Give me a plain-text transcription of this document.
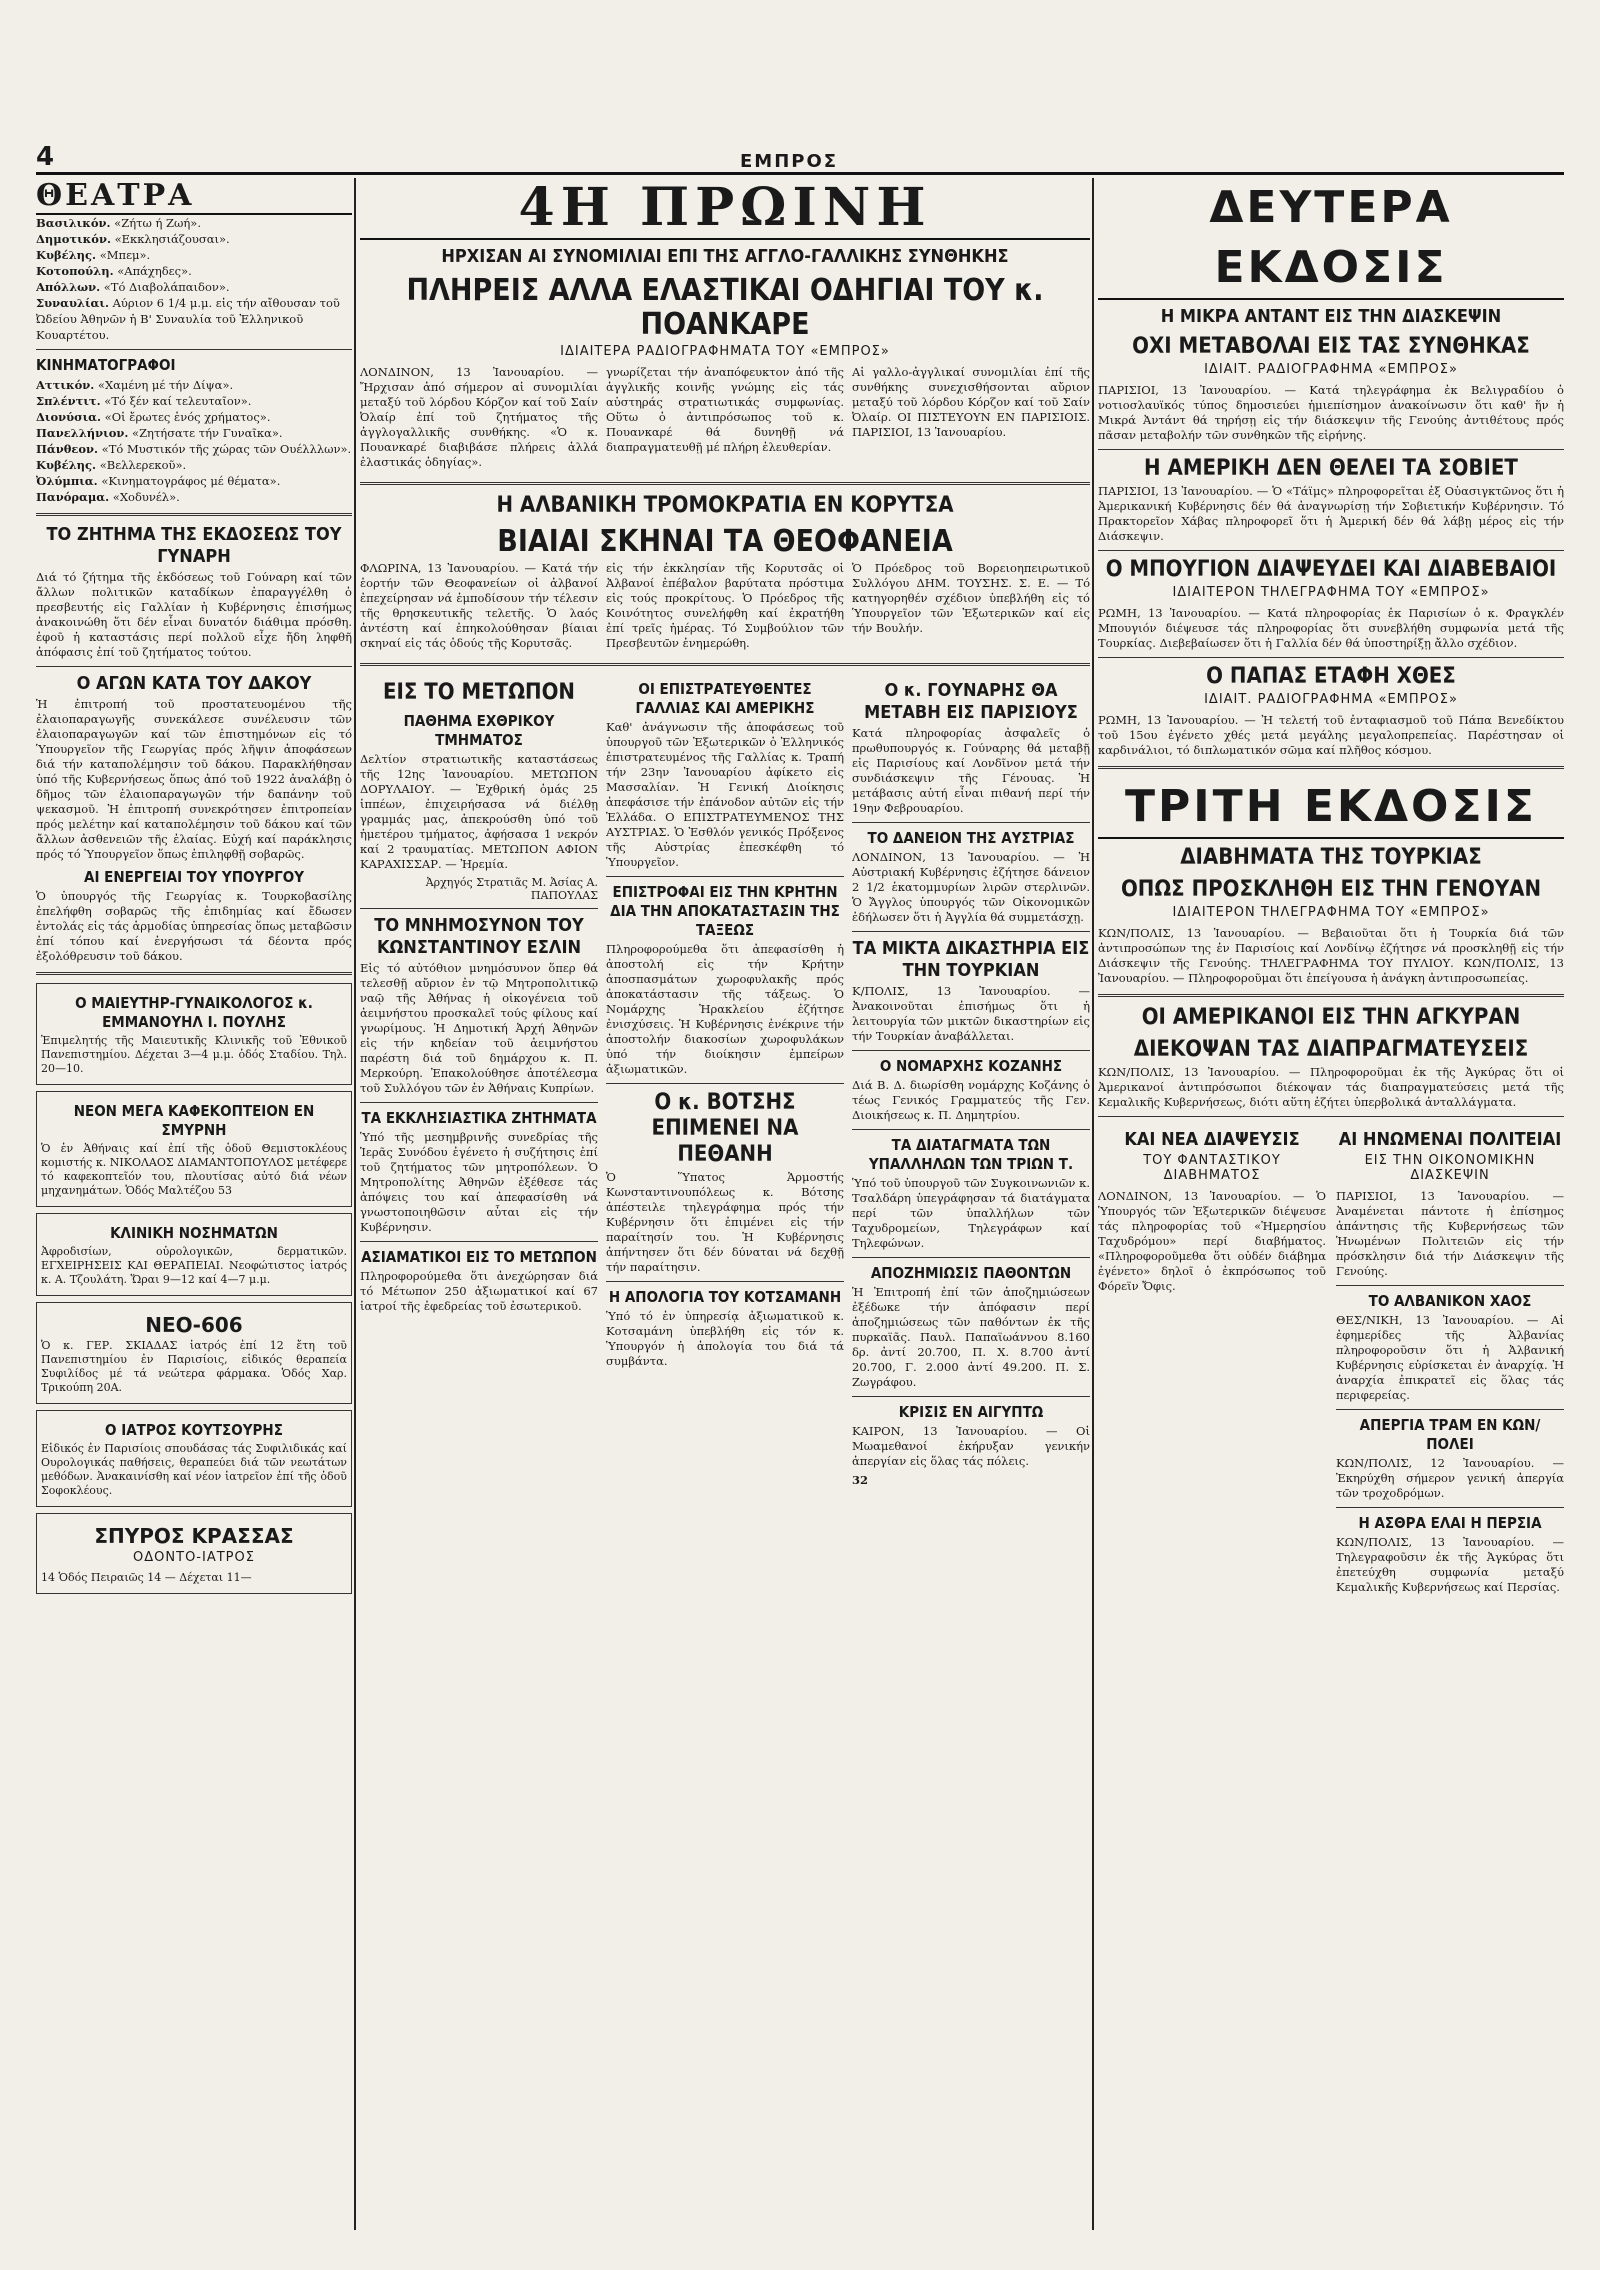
4	ΕΜΠΡΟΣ
ΘΕΑΤΡΑ
Βασιλικόν. «Ζήτω ή Ζωή».
Δημοτικόν. «Εκκλησιάζουσαι».
Κυβέλης. «Μπεμ».
Κοτοπούλη. «Απάχηδες».
Απόλλων. «Τό Διαβολάπαιδον».
Συναυλίαι. Αύριον 6 1/4 μ.μ. εἰς τήν αἴθουσαν τοῦ Ὠδείου Ἀθηνῶν ἡ Β' Συναυλία τοῦ Ἑλληνικοῦ Κουαρτέτου.
ΚΙΝΗΜΑΤΟΓΡΑΦΟΙ
Αττικόν. «Χαμένη μέ τήν Δίψα».
Σπλέντιτ. «Τό ξέν καί τελευταῖον».
Διονύσια. «Οἱ ἔρωτες ἑνός χρήματος».
Πανελλήνιον. «Ζητήσατε τήν Γυναῖκα».
Πάνθεον. «Τό Μυστικόν τῆς χώρας τῶν Ουέλλλων».
Κυβέλης. «Βελλερεκοῦ».
Ὀλύμπια. «Κινηματογράφος μέ θέματα».
Πανόραμα. «Χοδυνέλ».
ΤΟ ΖΗΤΗΜΑ ΤΗΣ ΕΚΔΟΣΕΩΣ ΤΟΥ ΓΥΝΑΡΗ

Διά τό ζήτημα τῆς ἐκδόσεως τοῦ Γούναρη καί τῶν ἄλλων πολιτικῶν καταδίκων ἐπαραγγέλθη ὁ πρεσβευτής εἰς Γαλλίαν ἡ Κυβέρνησις ἐπισήμως ἀνακοινώθη ὅτι δέν εἶναι δυνατόν διάθιμα πρόσθη. ἐφοῦ ἡ καταστάσις περί πολλοῦ εἶχε ἤδη ληφθῆ ἀπόφασις ἐπί τοῦ ζητήματος τούτου.

Ο ΑΓΩΝ ΚΑΤΑ ΤΟΥ ΔΑΚΟΥ

Ἡ ἐπιτροπή τοῦ προστατευομένου τῆς ἐλαιοπαραγωγῆς συνεκάλεσε συνέλευσιν τῶν ἐλαιοπαραγωγῶν καί τῶν ἐπιστημόνων εἰς τό Ὑπουργεῖον τῆς Γεωργίας πρός λῆψιν ἀποφάσεων διά τήν καταπολέμησιν τοῦ δάκου. Παρακλήθησαν ὑπό τῆς Κυβερνήσεως ὅπως ἀπό τοῦ 1922 ἀναλάβῃ ὁ δῆμος τῶν ἐλαιοπαραγωγῶν τήν δαπάνην τοῦ ψεκασμοῦ. Ἡ ἐπιτροπή συνεκρότησεν ἐπιτροπείαν πρός μελέτην καί καταπολέμησιν τοῦ δάκου καί τῶν ἄλλων ἀσθενειῶν τῆς ἐλαίας. Εὐχή καί παράκλησις πρός τό Ὑπουργεῖον ὅπως ἐπιληφθῇ σοβαρῶς.

ΑΙ ΕΝΕΡΓΕΙΑΙ ΤΟΥ ΥΠΟΥΡΓΟΥ

Ὁ ὑπουργός τῆς Γεωργίας κ. Τουρκοβασίλης ἐπελήφθη σοβαρῶς τῆς ἐπιδημίας καί ἔδωσεν ἐντολάς εἰς τάς ἁρμοδίας ὑπηρεσίας ὅπως μεταβῶσιν ἐπί τόπου καί ἐνεργήσωσι τά δέοντα πρός ἐξολόθρευσιν τοῦ δάκου.

Ο ΜΑΙΕΥΤΗΡ-ΓΥΝΑΙΚΟΛΟΓΟΣ κ. ΕΜΜΑΝΟΥΗΛ Ι. ΠΟΥΛΗΣ

Ἐπιμελητής τῆς Μαιευτικῆς Κλινικῆς τοῦ Ἐθνικοῦ Πανεπιστημίου. Δέχεται 3—4 μ.μ. ὁδός Σταδίου. Τηλ. 20—10.

ΝΕΟΝ ΜΕΓΑ ΚΑΦΕΚΟΠΤΕΙΟΝ ΕΝ ΣΜΥΡΝΗ

Ὁ ἐν Ἀθήναις καί ἐπί τῆς ὁδοῦ Θεμιστοκλέους κομιστής κ. ΝΙΚΟΛΑΟΣ ΔΙΑΜΑΝΤΟΠΟΥΛΟΣ μετέφερε τό καφεκοπτεῖόν του, πλουτίσας αὐτό διά νέων μηχανημάτων. Ὁδός Μαλτέζου 53

ΚΛΙΝΙΚΗ ΝΟΣΗΜΑΤΩΝ

Ἀφροδισίων, οὐρολογικῶν, δερματικῶν. ΕΓΧΕΙΡΗΣΕΙΣ ΚΑΙ ΘΕΡΑΠΕΙΑΙ. Νεοφώτιστος ἰατρός κ. Α. Τζουλάτη. Ὥραι 9—12 καί 4—7 μ.μ.

ΝΕΟ-606

Ὁ κ. ΓΕΡ. ΣΚΙΑΔΑΣ ἰατρός ἐπί 12 ἔτη τοῦ Πανεπιστημίου ἐν Παρισίοις, εἰδικός θεραπεία Συφιλίδος μέ τά νεώτερα φάρμακα. Ὁδός Χαρ. Τρικούπη 20Α.

Ο ΙΑΤΡΟΣ ΚΟΥΤΣΟΥΡΗΣ

Εἰδικός ἐν Παρισίοις σπουδάσας τάς Συφιλιδικάς καί Ουρολογικάς παθήσεις, θεραπεύει διά τῶν νεωτάτων μεθόδων. Ἀνακαινίσθη καί νέον ἰατρεῖον ἐπί τῆς ὁδοῦ Σοφοκλέους.

ΣΠΥΡΟΣ ΚΡΑΣΣΑΣ
ΟΔΟΝΤΟ-ΙΑΤΡΟΣ

14 Ὁδός Πειραιῶς 14 — Δέχεται 11—

4Η ΠΡΩΙΝΗ
ΗΡΧΙΣΑΝ ΑΙ ΣΥΝΟΜΙΛΙΑΙ ΕΠΙ ΤΗΣ ΑΓΓΛΟ-ΓΑΛΛΙΚΗΣ ΣΥΝΘΗΚΗΣ
ΠΛΗΡΕΙΣ ΑΛΛΑ ΕΛΑΣΤΙΚΑΙ ΟΔΗΓΙΑΙ ΤΟΥ κ. ΠΟΑΝΚΑΡΕ
ΙΔΙΑΙΤΕΡΑ ΡΑΔΙΟΓΡΑΦΗΜΑΤΑ ΤΟΥ «ΕΜΠΡΟΣ»

ΛΟΝΔΙΝΟΝ, 13 Ἰανουαρίου. — Ἤρχισαν ἀπό σήμερον αἱ συνομιλίαι μεταξύ τοῦ λόρδου Κόρζον καί τοῦ Σαίν Ὀλαίρ ἐπί τοῦ ζητήματος τῆς ἀγγλογαλλικῆς συνθήκης. «Ὁ κ. Πουανκαρέ διαβιβάσε πλήρεις ἀλλά ἐλαστικάς ὁδηγίας».

γνωρίζεται τήν ἀναπόφευκτον ἀπό τῆς ἀγγλικῆς κοινῆς γνώμης εἰς τάς αὐστηράς στρατιωτικάς συμφωνίας. Οὕτω ὁ ἀντιπρόσωπος τοῦ κ. Πουανκαρέ θά δυνηθῇ νά διαπραγματευθῇ μέ πλήρη ἐλευθερίαν.

Αἱ γαλλο-ἀγγλικαί συνομιλίαι ἐπί τῆς συνθήκης συνεχισθήσονται αὔριον μεταξύ τοῦ λόρδου Κόρζον καί τοῦ Σαίν Ὀλαίρ. ΟΙ ΠΙΣΤΕΥΟΥΝ ΕΝ ΠΑΡΙΣΙΟΙΣ. ΠΑΡΙΣΙΟΙ, 13 Ἰανουαρίου.

Η ΑΛΒΑΝΙΚΗ ΤΡΟΜΟΚΡΑΤΙΑ ΕΝ ΚΟΡΥΤΣΑ
ΒΙΑΙΑΙ ΣΚΗΝΑΙ ΤΑ ΘΕΟΦΑΝΕΙΑ

ΦΛΩΡΙΝΑ, 13 Ἰανουαρίου. — Κατά τήν ἑορτήν τῶν Θεοφανείων οἱ ἀλβανοί ἐπεχείρησαν νά ἐμποδίσουν τήν τέλεσιν τῆς θρησκευτικῆς τελετῆς. Ὁ λαός ἀντέστη καί ἐπηκολούθησαν βίαιαι σκηναί εἰς τάς ὁδούς τῆς Κορυτσᾶς.

εἰς τήν ἐκκλησίαν τῆς Κορυτσᾶς οἱ Ἀλβανοί ἐπέβαλον βαρύτατα πρόστιμα εἰς τούς προκρίτους. Ὁ Πρόεδρος τῆς Κοινότητος συνελήφθη καί ἐκρατήθη ἐπί τρεῖς ἡμέρας. Τό Συμβούλιον τῶν Πρεσβευτῶν ἐνημερώθη.

Ὁ Πρόεδρος τοῦ Βορειοηπειρωτικοῦ Συλλόγου ΔΗΜ. ΤΟΥΣΗΣ. Σ. Ε. — Τό κατηγορηθέν σχέδιον ὑπεβλήθη εἰς τό Ὑπουργεῖον τῶν Ἐξωτερικῶν καί εἰς τήν Βουλήν.

ΕΙΣ ΤΟ ΜΕΤΩΠΟΝ
ΠΑΘΗΜΑ ΕΧΘΡΙΚΟΥ ΤΜΗΜΑΤΟΣ

Δελτίον στρατιωτικῆς καταστάσεως τῆς 12ης Ἰανουαρίου. ΜΕΤΩΠΟΝ ΔΟΡΥΛΑΙΟΥ. — Ἐχθρική ὁμάς 25 ἱππέων, ἐπιχειρήσασα νά διέλθῃ γραμμάς μας, ἀπεκρούσθη ὑπό τοῦ ἡμετέρου τμήματος, ἀφήσασα 1 νεκρόν καί 2 τραυματίας. ΜΕΤΩΠΟΝ ΑΦΙΟΝ ΚΑΡΑΧΙΣΣΑΡ. — Ἠρεμία.

Ἀρχηγός Στρατιᾶς Μ. Ἀσίας Α. ΠΑΠΟΥΛΑΣ
ΤΟ ΜΝΗΜΟΣΥΝΟΝ ΤΟΥ ΚΩΝΣΤΑΝΤΙΝΟΥ ΕΣΛΙΝ

Εἰς τό αὐτόθιον μνημόσυνον ὅπερ θά τελεσθῇ αὔριον ἐν τῷ Μητροπολιτικῷ ναῷ τῆς Ἀθήνας ἡ οἰκογένεια τοῦ ἀειμνήστου προσκαλεῖ τούς φίλους καί γνωρίμους. Ἡ Δημοτική Ἀρχή Ἀθηνῶν εἰς τήν κηδείαν τοῦ ἀειμνήστου παρέστη διά τοῦ δημάρχου κ. Π. Μερκούρη. Ἐπακολούθησε ἀποτέλεσμα τοῦ Συλλόγου τῶν ἐν Ἀθήναις Κυπρίων.

ΤΑ ΕΚΚΛΗΣΙΑΣΤΙΚΑ ΖΗΤΗΜΑΤΑ

Ὑπό τῆς μεσημβρινῆς συνεδρίας τῆς Ἱερᾶς Συνόδου ἐγένετο ἡ συζήτησις ἐπί τοῦ ζητήματος τῶν μητροπόλεων. Ὁ Μητροπολίτης Ἀθηνῶν ἐξέθεσε τάς ἀπόψεις του καί ἀπεφασίσθη νά γνωστοποιηθῶσιν αὗται εἰς τήν Κυβέρνησιν.

ΑΣΙΑΜΑΤΙΚΟΙ ΕΙΣ ΤΟ ΜΕΤΩΠΟΝ

Πληροφορούμεθα ὅτι ἀνεχώρησαν διά τό Μέτωπον 250 ἀξιωματικοί καί 67 ἰατροί τῆς ἐφεδρείας τοῦ ἐσωτερικοῦ.

ΟΙ ΕΠΙΣΤΡΑΤΕΥΘΕΝΤΕΣ ΓΑΛΛΙΑΣ ΚΑΙ ΑΜΕΡΙΚΗΣ

Καθ' ἀνάγνωσιν τῆς ἀποφάσεως τοῦ ὑπουργοῦ τῶν Ἐξωτερικῶν ὁ Ἑλληνικός ἐπιστρατευμένος τῆς Γαλλίας κ. Τραπή τήν 23ην Ἰανουαρίου ἀφίκετο εἰς Μασσαλίαν. Ἡ Γενική Διοίκησις ἀπεφάσισε τήν ἐπάνοδον αὐτῶν εἰς τήν Ἑλλάδα. Ο ΕΠΙΣΤΡΑΤΕΥΜΕΝΟΣ ΤΗΣ ΑΥΣΤΡΙΑΣ. Ὁ Ἐσθλόν γενικός Πρόξενος τῆς Αὐστρίας ἐπεσκέφθη τό Ὑπουργεῖον.

ΕΠΙΣΤΡΟΦΑΙ ΕΙΣ ΤΗΝ ΚΡΗΤΗΝ ΔΙΑ ΤΗΝ ΑΠΟΚΑΤΑΣΤΑΣΙΝ ΤΗΣ ΤΑΞΕΩΣ

Πληροφορούμεθα ὅτι ἀπεφασίσθη ἡ ἀποστολή εἰς τήν Κρήτην ἀποσπασμάτων χωροφυλακῆς πρός ἀποκατάστασιν τῆς τάξεως. Ὁ Νομάρχης Ἡρακλείου ἐζήτησε ἐνισχύσεις. Ἡ Κυβέρνησις ἐνέκρινε τήν ἀποστολήν διακοσίων χωροφυλάκων ὑπό τήν διοίκησιν ἐμπείρων ἀξιωματικῶν.

Ο κ. ΒΟΤΣΗΣ ΕΠΙΜΕΝΕΙ ΝΑ ΠΕΘΑΝΗ

Ὁ Ὕπατος Ἁρμοστής Κωνσταντινουπόλεως κ. Βότσης ἀπέστειλε τηλεγράφημα πρός τήν Κυβέρνησιν ὅτι ἐπιμένει εἰς τήν παραίτησίν του. Ἡ Κυβέρνησις ἀπήντησεν ὅτι δέν δύναται νά δεχθῇ τήν παραίτησιν.

Η ΑΠΟΛΟΓΙΑ ΤΟΥ ΚΟΤΣΑΜΑΝΗ

Ὑπό τό ἐν ὑπηρεσίᾳ ἀξιωματικοῦ κ. Κοτσαμάνη ὑπεβλήθη εἰς τόν κ. Ὑπουργόν ἡ ἀπολογία του διά τά συμβάντα.

Ο κ. ΓΟΥΝΑΡΗΣ ΘΑ ΜΕΤΑΒΗ ΕΙΣ ΠΑΡΙΣΙΟΥΣ

Κατά πληροφορίας ἀσφαλεῖς ὁ πρωθυπουργός κ. Γούναρης θά μεταβῇ εἰς Παρισίους καί Λονδῖνον μετά τήν συνδιάσκεψιν τῆς Γένουας. Ἡ μετάβασις αὐτή εἶναι πιθανή περί τήν 19ην Φεβρουαρίου.

ΤΟ ΔΑΝΕΙΟΝ ΤΗΣ ΑΥΣΤΡΙΑΣ

ΛΟΝΔΙΝΟΝ, 13 Ἰανουαρίου. — Ἡ Αὐστριακή Κυβέρνησις ἐζήτησε δάνειον 2 1/2 ἑκατομμυρίων λιρῶν στερλινῶν. Ὁ Ἄγγλος ὑπουργός τῶν Οἰκονομικῶν ἐδήλωσεν ὅτι ἡ Ἀγγλία θά συμμετάσχῃ.

ΤΑ ΜΙΚΤΑ ΔΙΚΑΣΤΗΡΙΑ ΕΙΣ ΤΗΝ ΤΟΥΡΚΙΑΝ

Κ/ΠΟΛΙΣ, 13 Ἰανουαρίου. — Ἀνακοινοῦται ἐπισήμως ὅτι ἡ λειτουργία τῶν μικτῶν δικαστηρίων εἰς τήν Τουρκίαν ἀναβάλλεται.

Ο ΝΟΜΑΡΧΗΣ ΚΟΖΑΝΗΣ

Διά Β. Δ. διωρίσθη νομάρχης Κοζάνης ὁ τέως Γενικός Γραμματεύς τῆς Γεν. Διοικήσεως κ. Π. Δημητρίου.

ΤΑ ΔΙΑΤΑΓΜΑΤΑ ΤΩΝ ΥΠΑΛΛΗΛΩΝ ΤΩΝ ΤΡΙΩΝ Τ.

Ὑπό τοῦ ὑπουργοῦ τῶν Συγκοινωνιῶν κ. Τσαλδάρη ὑπεγράφησαν τά διατάγματα περί τῶν ὑπαλλήλων τῶν Ταχυδρομείων, Τηλεγράφων καί Τηλεφώνων.

ΑΠΟΖΗΜΙΩΣΙΣ ΠΑΘΟΝΤΩΝ

Ἡ Ἐπιτροπή ἐπί τῶν ἀποζημιώσεων ἐξέδωκε τήν ἀπόφασιν περί ἀποζημιώσεως τῶν παθόντων ἐκ τῆς πυρκαϊᾶς. Παυλ. Παπαϊωάννου 8.160 δρ. ἀντί 20.700, Π. Χ. 8.700 ἀντί 20.700, Γ. 2.000 ἀντί 49.200. Π. Σ. Ζωγράφου.

ΚΡΙΣΙΣ ΕΝ ΑΙΓΥΠΤΩ

ΚΑΙΡΟΝ, 13 Ἰανουαρίου. — Οἱ Μωαμεθανοί ἐκήρυξαν γενικήν ἀπεργίαν εἰς ὅλας τάς πόλεις.

32
ΔΕΥΤΕΡΑ ΕΚΔΟΣΙΣ
Η ΜΙΚΡΑ ΑΝΤΑΝΤ ΕΙΣ ΤΗΝ ΔΙΑΣΚΕΨΙΝ
ΟΧΙ ΜΕΤΑΒΟΛΑΙ ΕΙΣ ΤΑΣ ΣΥΝΘΗΚΑΣ
ΙΔΙΑΙΤ. ΡΑΔΙΟΓΡΑΦΗΜΑ «ΕΜΠΡΟΣ»

ΠΑΡΙΣΙΟΙ, 13 Ἰανουαρίου. — Κατά τηλεγράφημα ἐκ Βελιγραδίου ὁ νοτιοσλαυϊκός τύπος δημοσιεύει ἡμιεπίσημον ἀνακοίνωσιν ὅτι καθ' ἥν ἡ Μικρά Ἀντάντ θά τηρήσῃ εἰς τήν διάσκεψιν τῆς Γενούης ἀντιθέτους πρός πᾶσαν μεταβολήν τῶν συνθηκῶν τῆς εἰρήνης.

Η ΑΜΕΡΙΚΗ ΔΕΝ ΘΕΛΕΙ ΤΑ ΣΟΒΙΕΤ

ΠΑΡΙΣΙΟΙ, 13 Ἰανουαρίου. — Ὁ «Τάϊμς» πληροφορεῖται ἐξ Οὐασιγκτῶνος ὅτι ἡ Ἀμερικανική Κυβέρνησις δέν θά ἀναγνωρίσῃ τήν Σοβιετικήν Κυβέρνησιν. Τό Πρακτορεῖον Χάβας πληροφορεῖ ὅτι ἡ Ἀμερική δέν θά λάβῃ μέρος εἰς τήν Διάσκεψιν.

Ο ΜΠΟΥΓΙΟΝ ΔΙΑΨΕΥΔΕΙ ΚΑΙ ΔΙΑΒΕΒΑΙΟΙ
ΙΔΙΑΙΤΕΡΟΝ ΤΗΛΕΓΡΑΦΗΜΑ ΤΟΥ «ΕΜΠΡΟΣ»

ΡΩΜΗ, 13 Ἰανουαρίου. — Κατά πληροφορίας ἐκ Παρισίων ὁ κ. Φραγκλέν Μπουγιόν διέψευσε τάς πληροφορίας ὅτι συνεβλήθη συμφωνία μετά τῆς Τουρκίας. Διεβεβαίωσεν ὅτι ἡ Γαλλία δέν θά ὑποστηρίξῃ ἄλλο σχέδιον.

Ο ΠΑΠΑΣ ΕΤΑΦΗ ΧΘΕΣ
ΙΔΙΑΙΤ. ΡΑΔΙΟΓΡΑΦΗΜΑ «ΕΜΠΡΟΣ»

ΡΩΜΗ, 13 Ἰανουαρίου. — Ἡ τελετή τοῦ ἐνταφιασμοῦ τοῦ Πάπα Βενεδίκτου τοῦ 15ου ἐγένετο χθές μετά μεγάλης μεγαλοπρεπείας. Παρέστησαν οἱ καρδινάλιοι, τό διπλωματικόν σῶμα καί πλῆθος κόσμου.

ΤΡΙΤΗ ΕΚΔΟΣΙΣ
ΔΙΑΒΗΜΑΤΑ ΤΗΣ ΤΟΥΡΚΙΑΣ
ΟΠΩΣ ΠΡΟΣΚΛΗΘΗ ΕΙΣ ΤΗΝ ΓΕΝΟΥΑΝ
ΙΔΙΑΙΤΕΡΟΝ ΤΗΛΕΓΡΑΦΗΜΑ ΤΟΥ «ΕΜΠΡΟΣ»

ΚΩΝ/ΠΟΛΙΣ, 13 Ἰανουαρίου. — Βεβαιοῦται ὅτι ἡ Τουρκία διά τῶν ἀντιπροσώπων της ἐν Παρισίοις καί Λονδίνῳ ἐζήτησε νά προσκληθῇ εἰς τήν Διάσκεψιν τῆς Γενούης. ΤΗΛΕΓΡΑΦΗΜΑ ΤΟΥ ΠΥΛΙΟΥ. ΚΩΝ/ΠΟΛΙΣ, 13 Ἰανουαρίου. — Πληροφοροῦμαι ὅτι ἐπείγουσα ἡ ἀνάγκη ἀντιπροσωπείας.

ΟΙ ΑΜΕΡΙΚΑΝΟΙ ΕΙΣ ΤΗΝ ΑΓΚΥΡΑΝ
ΔΙΕΚΟΨΑΝ ΤΑΣ ΔΙΑΠΡΑΓΜΑΤΕΥΣΕΙΣ

ΚΩΝ/ΠΟΛΙΣ, 13 Ἰανουαρίου. — Πληροφοροῦμαι ἐκ τῆς Ἀγκύρας ὅτι οἱ Ἀμερικανοί ἀντιπρόσωποι διέκοψαν τάς διαπραγματεύσεις μετά τῆς Κεμαλικῆς Κυβερνήσεως, διότι αὕτη ἐζήτει ὑπερβολικά ἀνταλλάγματα.

ΚΑΙ ΝΕΑ ΔΙΑΨΕΥΣΙΣ
ΤΟΥ ΦΑΝΤΑΣΤΙΚΟΥ ΔΙΑΒΗΜΑΤΟΣ

ΛΟΝΔΙΝΟΝ, 13 Ἰανουαρίου. — Ὁ Ὑπουργός τῶν Ἐξωτερικῶν διέψευσε τάς πληροφορίας τοῦ «Ἡμερησίου Ταχυδρόμου» περί διαβήματος. «Πληροφοροῦμεθα ὅτι οὐδέν διάβημα ἐγένετο» δηλοῖ ὁ ἐκπρόσωπος τοῦ Φόρεϊν Ὄφις.

ΑΙ ΗΝΩΜΕΝΑΙ ΠΟΛΙΤΕΙΑΙ
ΕΙΣ ΤΗΝ ΟΙΚΟΝΟΜΙΚΗΝ ΔΙΑΣΚΕΨΙΝ

ΠΑΡΙΣΙΟΙ, 13 Ἰανουαρίου. — Ἀναμένεται πάντοτε ἡ ἐπίσημος ἀπάντησις τῆς Κυβερνήσεως τῶν Ἡνωμένων Πολιτειῶν εἰς τήν πρόσκλησιν διά τήν Διάσκεψιν τῆς Γενούης.

ΤΟ ΑΛΒΑΝΙΚΟΝ ΧΑΟΣ

ΘΕΣ/ΝΙΚΗ, 13 Ἰανουαρίου. — Αἱ ἐφημερίδες τῆς Ἀλβανίας πληροφοροῦσιν ὅτι ἡ Ἀλβανική Κυβέρνησις εὑρίσκεται ἐν ἀναρχίᾳ. Ἡ ἀναρχία ἐπικρατεῖ εἰς ὅλας τάς περιφερείας.

ΑΠΕΡΓΙΑ ΤΡΑΜ ΕΝ ΚΩΝ/ΠΟΛΕΙ

ΚΩΝ/ΠΟΛΙΣ, 12 Ἰανουαρίου. — Ἐκηρύχθη σήμερον γενική ἀπεργία τῶν τροχοδρόμων.

Η ΑΣΘΡΑ ΕΛΑΙ Η ΠΕΡΣΙΑ

ΚΩΝ/ΠΟΛΙΣ, 13 Ἰανουαρίου. — Τηλεγραφοῦσιν ἐκ τῆς Ἀγκύρας ὅτι ἐπετεύχθη συμφωνία μεταξύ Κεμαλικῆς Κυβερνήσεως καί Περσίας.
